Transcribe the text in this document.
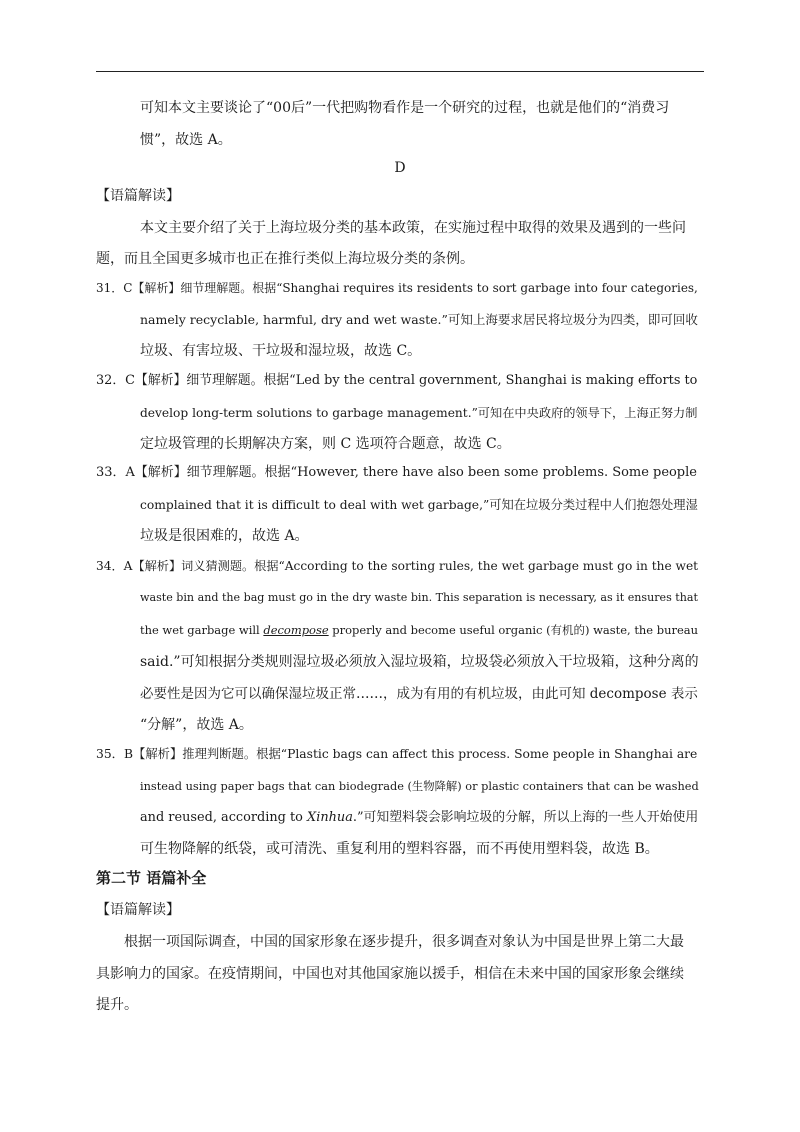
可知本文主要谈论了“00后”一代把购物看作是一个研究的过程，也就是他们的“消费习
惯”，故选 A。
D
【语篇解读】
本文主要介绍了关于上海垃圾分类的基本政策，在实施过程中取得的效果及遇到的一些问
题，而且全国更多城市也正在推行类似上海垃圾分类的条例。
31．C【解析】细节理解题。根据“Shanghai requires its residents to sort garbage into four categories,
namely recyclable, harmful, dry and wet waste.”可知上海要求居民将垃圾分为四类，即可回收
垃圾、有害垃圾、干垃圾和湿垃圾，故选 C。
32．C【解析】细节理解题。根据“Led by the central government, Shanghai is making efforts to
develop long-term solutions to garbage management.”可知在中央政府的领导下，上海正努力制
定垃圾管理的长期解决方案，则 C 选项符合题意，故选 C。
33．A【解析】细节理解题。根据“However, there have also been some problems. Some people
complained that it is difficult to deal with wet garbage,”可知在垃圾分类过程中人们抱怨处理湿
垃圾是很困难的，故选 A。
34．A【解析】词义猜测题。根据“According to the sorting rules, the wet garbage must go in the wet
waste bin and the bag must go in the dry waste bin. This separation is necessary, as it ensures that
the wet garbage will decompose properly and become useful organic (有机的) waste, the bureau
said.”可知根据分类规则湿垃圾必须放入湿垃圾箱，垃圾袋必须放入干垃圾箱，这种分离的
必要性是因为它可以确保湿垃圾正常……，成为有用的有机垃圾，由此可知 decompose 表示
“分解”，故选 A。
35．B【解析】推理判断题。根据“Plastic bags can affect this process. Some people in Shanghai are
instead using paper bags that can biodegrade (生物降解) or plastic containers that can be washed
and reused, according to Xinhua.”可知塑料袋会影响垃圾的分解，所以上海的一些人开始使用
可生物降解的纸袋，或可清洗、重复利用的塑料容器，而不再使用塑料袋，故选 B。
第二节 语篇补全
【语篇解读】
根据一项国际调查，中国的国家形象在逐步提升，很多调查对象认为中国是世界上第二大最
具影响力的国家。在疫情期间，中国也对其他国家施以援手，相信在未来中国的国家形象会继续
提升。
